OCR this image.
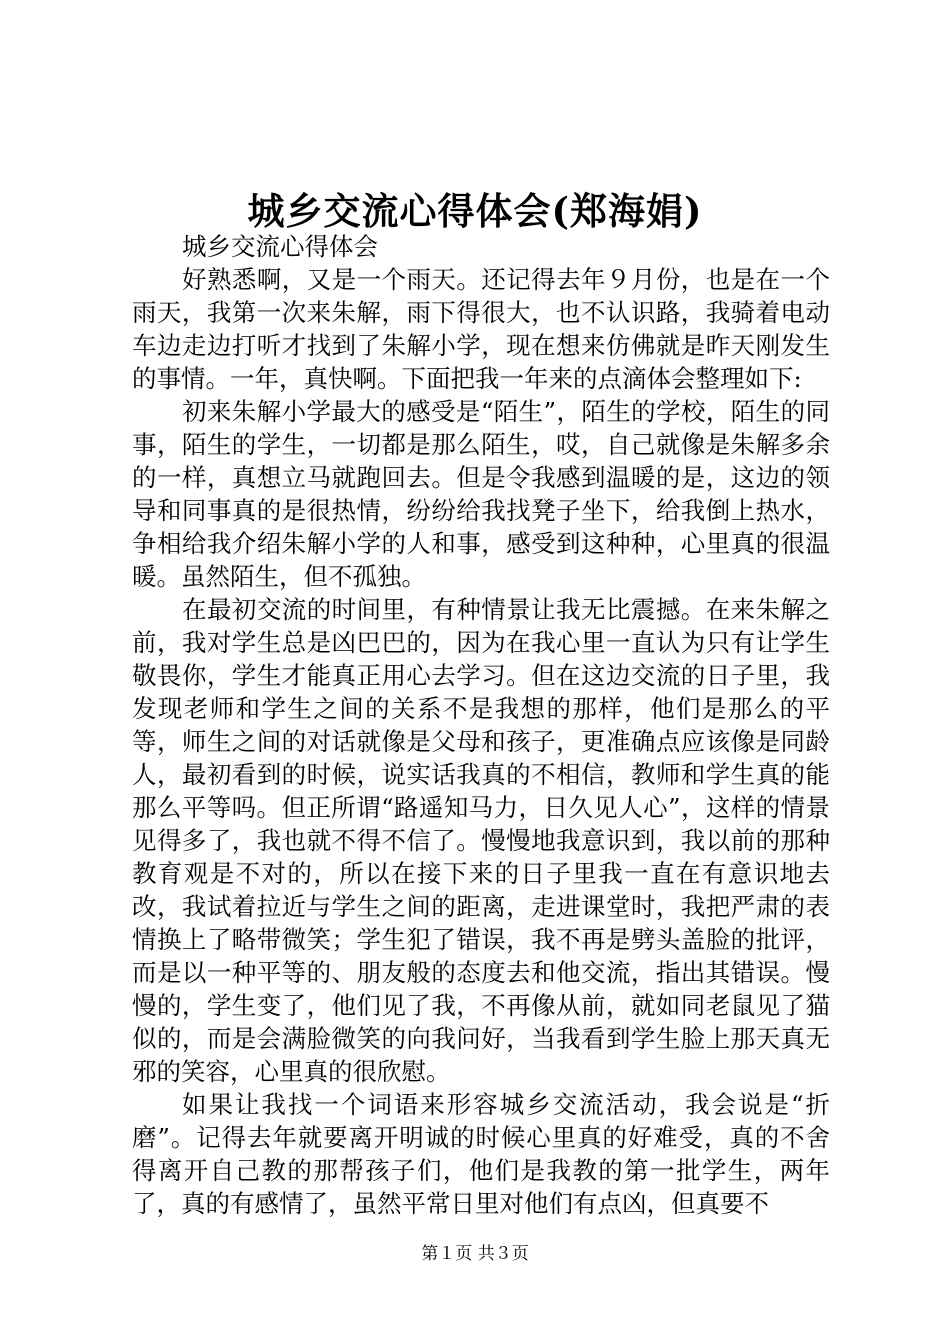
城乡交流心得体会(郑海娟)

城乡交流心得体会

好熟悉啊，又是一个雨天。还记得去年９月份，也是在一个雨天，我第一次来朱解，雨下得很大，也不认识路，我骑着电动车边走边打听才找到了朱解小学，现在想来仿佛就是昨天刚发生的事情。一年，真快啊。下面把我一年来的点滴体会整理如下:

初来朱解小学最大的感受是“陌生”，陌生的学校，陌生的同事，陌生的学生，一切都是那么陌生，哎，自己就像是朱解多余的一样，真想立马就跑回去。但是令我感到温暖的是，这边的领导和同事真的是很热情，纷纷给我找凳子坐下，给我倒上热水，争相给我介绍朱解小学的人和事，感受到这种种，心里真的很温暖。虽然陌生，但不孤独。

在最初交流的时间里，有种情景让我无比震撼。在来朱解之前，我对学生总是凶巴巴的，因为在我心里一直认为只有让学生敬畏你，学生才能真正用心去学习。但在这边交流的日子里，我发现老师和学生之间的关系不是我想的那样，他们是那么的平等，师生之间的对话就像是父母和孩子，更准确点应该像是同龄人，最初看到的时候，说实话我真的不相信，教师和学生真的能那么平等吗。但正所谓“路遥知马力，日久见人心”，这样的情景见得多了，我也就不得不信了。慢慢地我意识到，我以前的那种教育观是不对的，所以在接下来的日子里我一直在有意识地去改，我试着拉近与学生之间的距离，走进课堂时，我把严肃的表情换上了略带微笑；学生犯了错误，我不再是劈头盖脸的批评，而是以一种平等的、朋友般的态度去和他交流，指出其错误。慢慢的，学生变了，他们见了我，不再像从前，就如同老鼠见了猫似的，而是会满脸微笑的向我问好，当我看到学生脸上那天真无邪的笑容，心里真的很欣慰。

如果让我找一个词语来形容城乡交流活动，我会说是“折磨”。记得去年就要离开明诚的时候心里真的好难受，真的不舍得离开自己教的那帮孩子们，他们是我教的第一批学生，两年了，真的有感情了，虽然平常日里对他们有点凶，但真要不

第１页 共３页
